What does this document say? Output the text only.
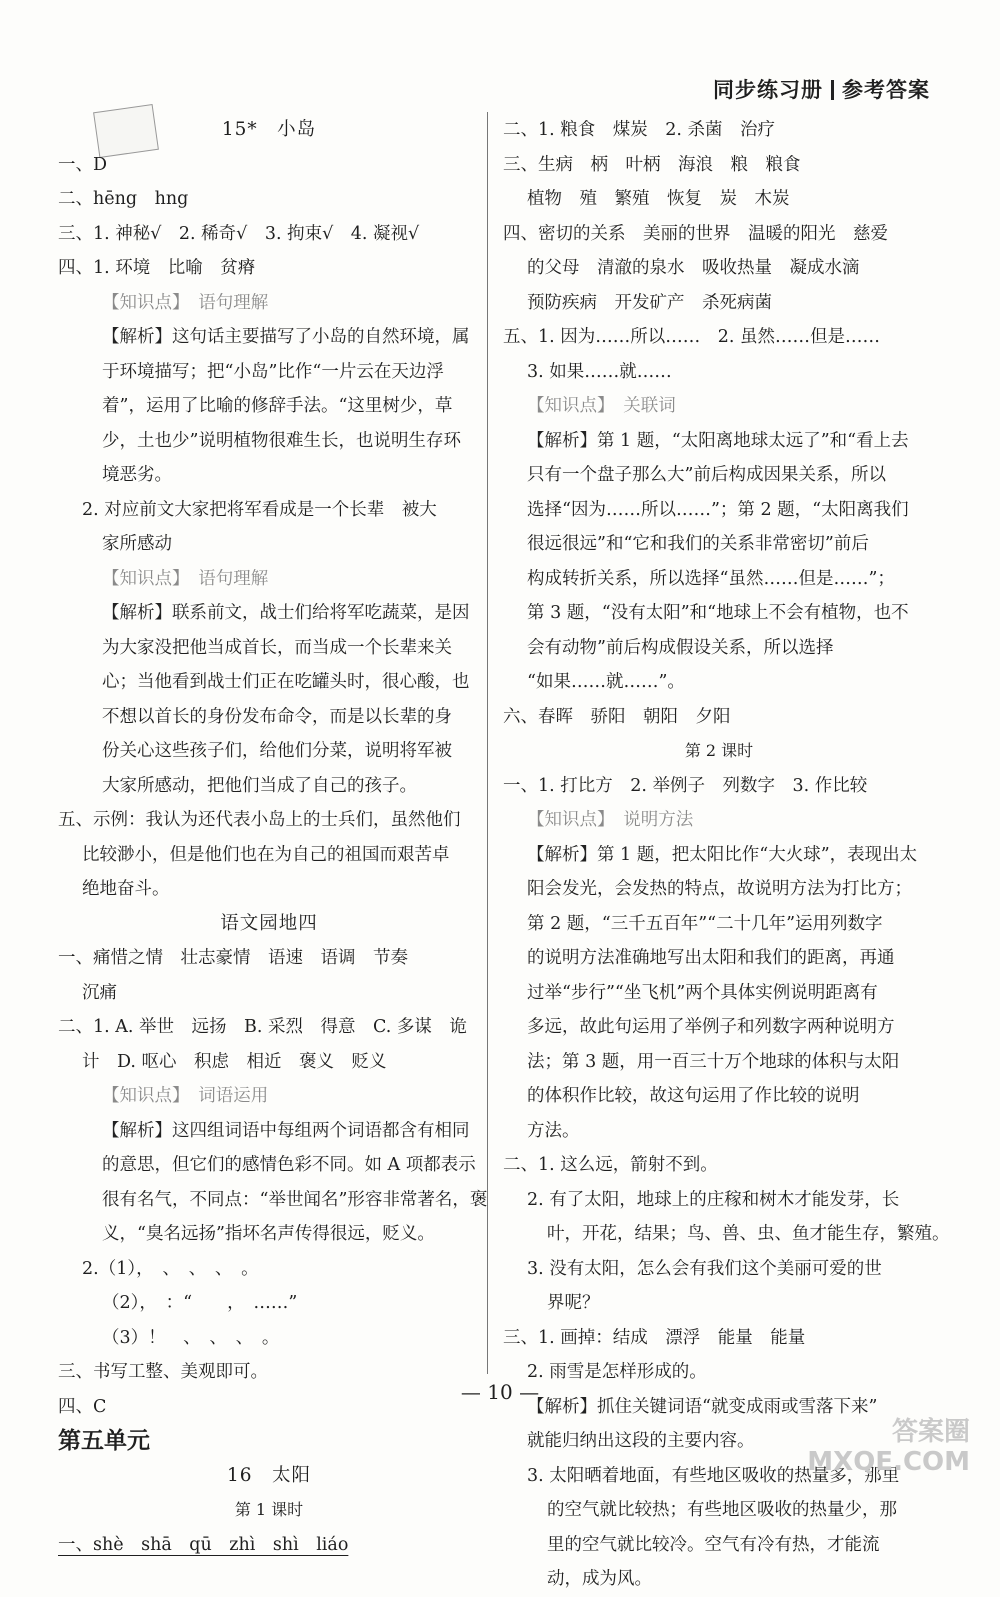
同步练习册 参考答案
15*　小岛
一、D
二、hēng　hng
三、1. 神秘√　2. 稀奇√　3. 拘束√　4. 凝视√
四、1. 环境　比喻　贫瘠
【知识点】　语句理解
【解析】这句话主要描写了小岛的自然环境，属
于环境描写；把“小岛”比作“一片云在天边浮
着”，运用了比喻的修辞手法。“这里树少，草
少，土也少”说明植物很难生长，也说明生存环
境恶劣。
2. 对应前文大家把将军看成是一个长辈　被大
家所感动
【知识点】　语句理解
【解析】联系前文，战士们给将军吃蔬菜，是因
为大家没把他当成首长，而当成一个长辈来关
心；当他看到战士们正在吃罐头时，很心酸，也
不想以首长的身份发布命令，而是以长辈的身
份关心这些孩子们，给他们分菜，说明将军被
大家所感动，把他们当成了自己的孩子。
五、示例：我认为还代表小岛上的士兵们，虽然他们
比较渺小，但是他们也在为自己的祖国而艰苦卓
绝地奋斗。
语文园地四
一、痛惜之情　壮志豪情　语速　语调　节奏
沉痛
二、1. A. 举世　远扬　B. 采烈　得意　C. 多谋　诡
计　D. 呕心　积虑　相近　褒义　贬义
【知识点】　词语运用
【解析】这四组词语中每组两个词语都含有相同
的意思，但它们的感情色彩不同。如 A 项都表示
很有名气，不同点：“举世闻名”形容非常著名，褒
义，“臭名远扬”指坏名声传得很远，贬义。
2.（1），　、　、　、　。
（2），　：“　　，　……”
（3）！　、　、　、　。
三、书写工整、美观即可。
四、C
第五单元
16　太阳
第 1 课时
一、shè　shā　qū　zhì　shì　liáo
二、1. 粮食　煤炭　2. 杀菌　治疗
三、生病　柄　叶柄　海浪　粮　粮食
植物　殖　繁殖　恢复　炭　木炭
四、密切的关系　美丽的世界　温暖的阳光　慈爱
的父母　清澈的泉水　吸收热量　凝成水滴
预防疾病　开发矿产　杀死病菌
五、1. 因为……所以……　2. 虽然……但是……
3. 如果……就……
【知识点】　关联词
【解析】第 1 题，“太阳离地球太远了”和“看上去
只有一个盘子那么大”前后构成因果关系，所以
选择“因为……所以……”；第 2 题，“太阳离我们
很远很远”和“它和我们的关系非常密切”前后
构成转折关系，所以选择“虽然……但是……”；
第 3 题，“没有太阳”和“地球上不会有植物，也不
会有动物”前后构成假设关系，所以选择
“如果……就……”。
六、春晖　骄阳　朝阳　夕阳
第 2 课时
一、1. 打比方　2. 举例子　列数字　3. 作比较
【知识点】　说明方法
【解析】第 1 题，把太阳比作“大火球”，表现出太
阳会发光，会发热的特点，故说明方法为打比方；
第 2 题，“三千五百年”“二十几年”运用列数字
的说明方法准确地写出太阳和我们的距离，再通
过举“步行”“坐飞机”两个具体实例说明距离有
多远，故此句运用了举例子和列数字两种说明方
法；第 3 题，用一百三十万个地球的体积与太阳
的体积作比较，故这句运用了作比较的说明
方法。
二、1. 这么远，箭射不到。
2. 有了太阳，地球上的庄稼和树木才能发芽，长
叶，开花，结果；鸟、兽、虫、鱼才能生存，繁殖。
3. 没有太阳，怎么会有我们这个美丽可爱的世
界呢？
三、1. 画掉：结成　漂浮　能量　能量
2. 雨雪是怎样形成的。
【解析】抓住关键词语“就变成雨或雪落下来”
就能归纳出这段的主要内容。
3. 太阳晒着地面，有些地区吸收的热量多，那里
的空气就比较热；有些地区吸收的热量少，那
里的空气就比较冷。空气有冷有热，才能流
动，成为风。
— 10 —
答案圈
MXQE.COM
